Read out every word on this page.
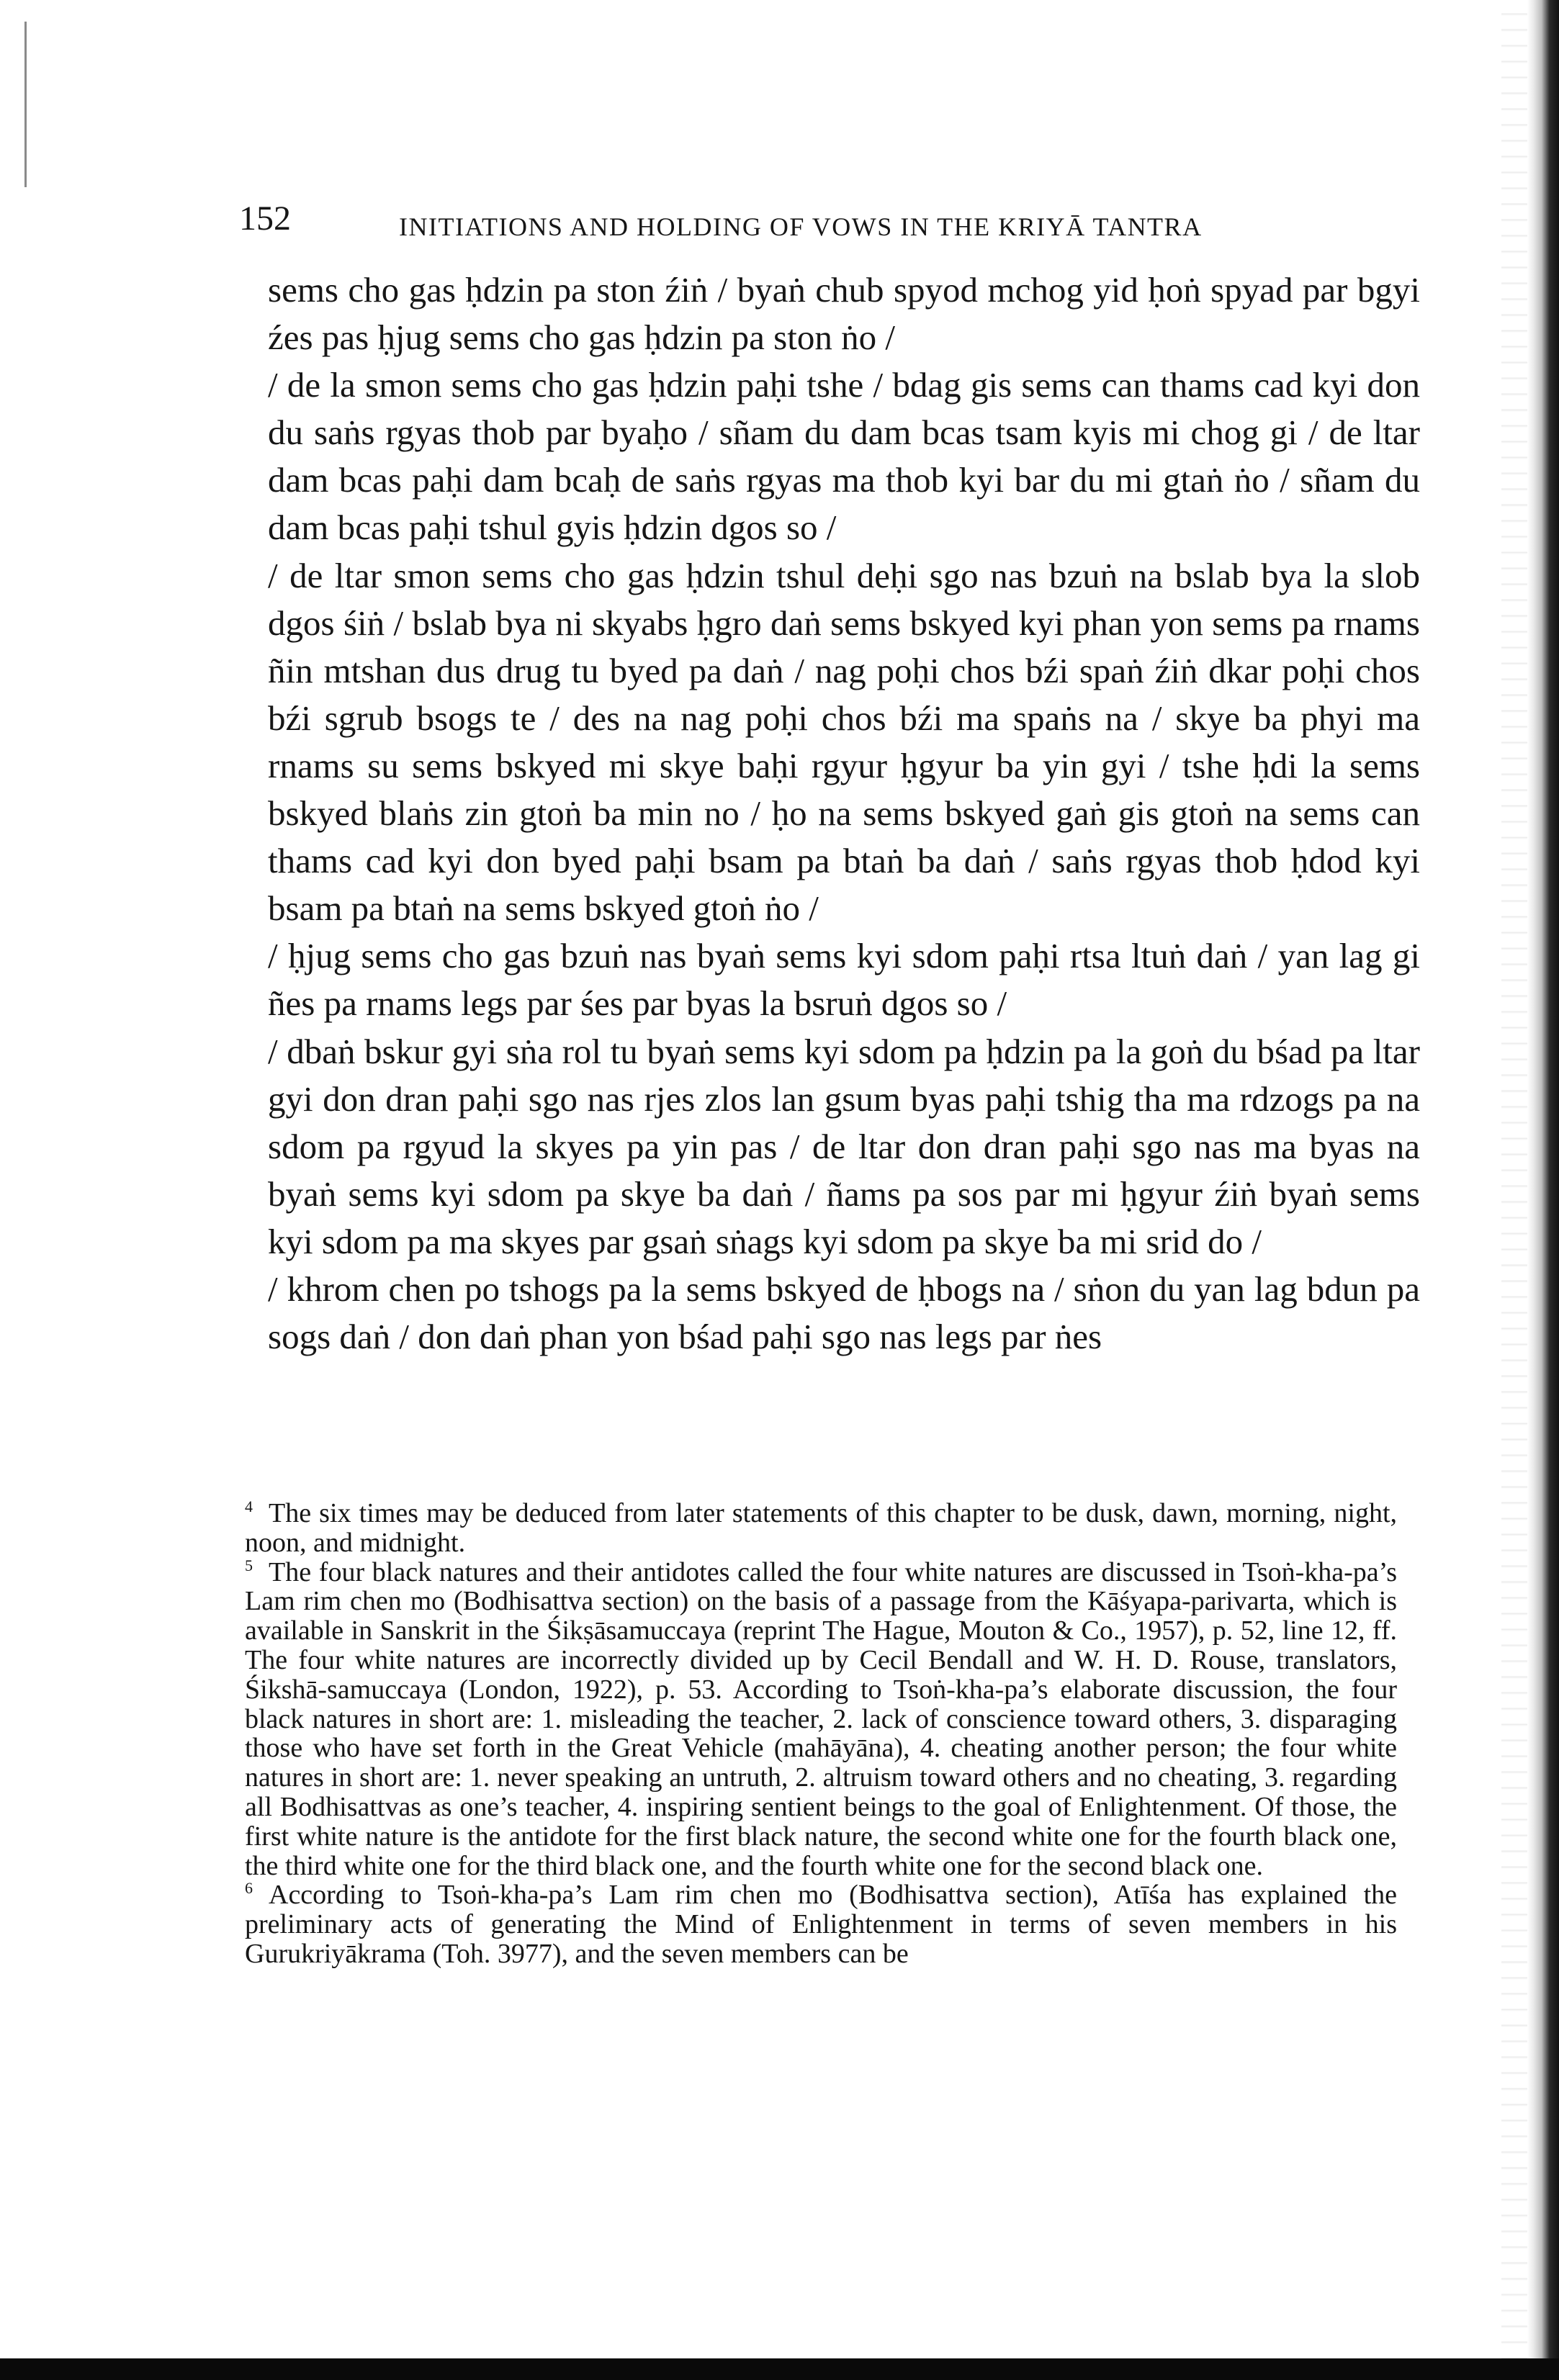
152	INITIATIONS AND HOLDING OF VOWS IN THE KRIYĀ TANTRA

sems cho gas ḥdzin pa ston źiṅ / byaṅ chub spyod mchog yid ḥoṅ spyad par bgyi źes pas ḥjug sems cho gas ḥdzin pa ston ṅo /

/ de la smon sems cho gas ḥdzin paḥi tshe / bdag gis sems can thams cad kyi don du saṅs rgyas thob par byaḥo / sñam du dam bcas tsam kyis mi chog gi / de ltar dam bcas paḥi dam bcaḥ de saṅs rgyas ma thob kyi bar du mi gtaṅ ṅo / sñam du dam bcas paḥi tshul gyis ḥdzin dgos so /

/ de ltar smon sems cho gas ḥdzin tshul deḥi sgo nas bzuṅ na bslab bya la slob dgos śiṅ / bslab bya ni skyabs ḥgro daṅ sems bskyed kyi phan yon sems pa rnams ñin mtshan dus drug tu byed pa daṅ / nag poḥi chos bźi spaṅ źiṅ dkar poḥi chos bźi sgrub bsogs te / des na nag poḥi chos bźi ma spaṅs na / skye ba phyi ma rnams su sems bskyed mi skye baḥi rgyur ḥgyur ba yin gyi / tshe ḥdi la sems bskyed blaṅs zin gtoṅ ba min no / ḥo na sems bskyed gaṅ gis gtoṅ na sems can thams cad kyi don byed paḥi bsam pa btaṅ ba daṅ / saṅs rgyas thob ḥdod kyi bsam pa btaṅ na sems bskyed gtoṅ ṅo /

/ ḥjug sems cho gas bzuṅ nas byaṅ sems kyi sdom paḥi rtsa ltuṅ daṅ / yan lag gi ñes pa rnams legs par śes par byas la bsruṅ dgos so /

/ dbaṅ bskur gyi sṅa rol tu byaṅ sems kyi sdom pa ḥdzin pa la goṅ du bśad pa ltar gyi don dran paḥi sgo nas rjes zlos lan gsum byas paḥi tshig tha ma rdzogs pa na sdom pa rgyud la skyes pa yin pas / de ltar don dran paḥi sgo nas ma byas na byaṅ sems kyi sdom pa skye ba daṅ / ñams pa sos par mi ḥgyur źiṅ byaṅ sems kyi sdom pa ma skyes par gsaṅ sṅags kyi sdom pa skye ba mi srid do /

/ khrom chen po tshogs pa la sems bskyed de ḥbogs na / sṅon du yan lag bdun pa sogs daṅ / don daṅ phan yon bśad paḥi sgo nas legs par ṅes

4 The six times may be deduced from later statements of this chapter to be dusk, dawn, morning, night, noon, and midnight.

5 The four black natures and their antidotes called the four white natures are discussed in Tsoṅ-kha-pa’s Lam rim chen mo (Bodhisattva section) on the basis of a passage from the Kāśyapa-parivarta, which is available in Sanskrit in the Śikṣāsamuccaya (reprint The Hague, Mouton & Co., 1957), p. 52, line 12, ff. The four white natures are incorrectly divided up by Cecil Bendall and W. H. D. Rouse, translators, Śikshā-samuccaya (London, 1922), p. 53. According to Tsoṅ-kha-pa’s elaborate discussion, the four black natures in short are: 1. misleading the teacher, 2. lack of conscience toward others, 3. disparaging those who have set forth in the Great Vehicle (mahāyāna), 4. cheating another person; the four white natures in short are: 1. never speaking an untruth, 2. altruism toward others and no cheating, 3. regarding all Bodhisattvas as one’s teacher, 4. inspiring sentient beings to the goal of Enlightenment. Of those, the first white nature is the antidote for the first black nature, the second white one for the fourth black one, the third white one for the third black one, and the fourth white one for the second black one.

6 According to Tsoṅ-kha-pa’s Lam rim chen mo (Bodhisattva section), Atīśa has explained the preliminary acts of generating the Mind of Enlightenment in terms of seven members in his Gurukriyākrama (Toh. 3977), and the seven members can be
